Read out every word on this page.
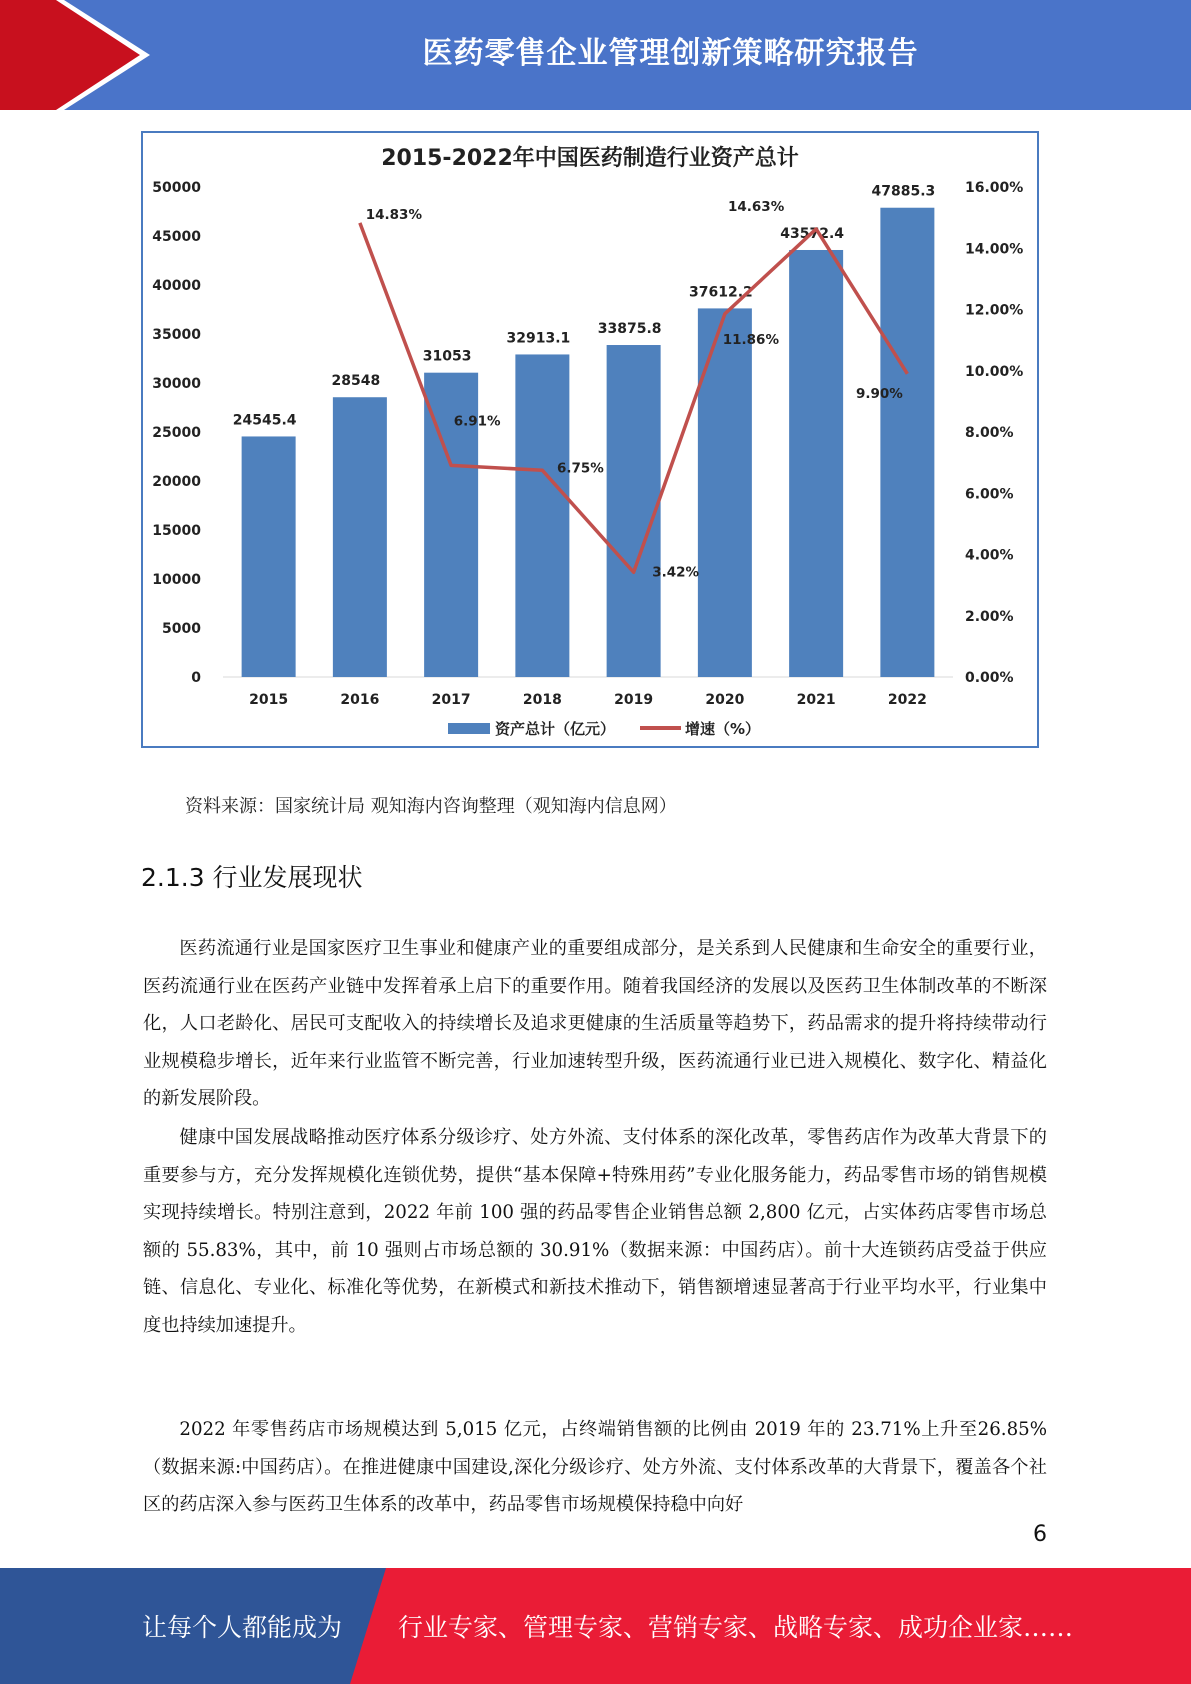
医药零售企业管理创新策略研究报告
2015-2022年中国医药制造行业资产总计
0
5000
10000
15000
20000
25000
30000
35000
40000
45000
50000
0.00%
2.00%
4.00%
6.00%
8.00%
10.00%
12.00%
14.00%
16.00%
24545.4
28548
31053
32913.1
33875.8
37612.2
43572.4
47885.3
2015	2016	2017	2018	2019	2020	2021	2022
14.83%
6.91%
6.75%
3.42%
11.86%
14.63%
9.90%
资产总计（亿元）	增速（%）
资料来源：国家统计局 观知海内咨询整理（观知海内信息网）
2.1.3 行业发展现状

医药流通行业是国家医疗卫生事业和健康产业的重要组成部分，是关系到人民健康和生命安全的重要行业，医药流通行业在医药产业链中发挥着承上启下的重要作用。随着我国经济的发展以及医药卫生体制改革的不断深化，人口老龄化、居民可支配收入的持续增长及追求更健康的生活质量等趋势下，药品需求的提升将持续带动行业规模稳步增长，近年来行业监管不断完善，行业加速转型升级，医药流通行业已进入规模化、数字化、精益化的新发展阶段。

健康中国发展战略推动医疗体系分级诊疗、处方外流、支付体系的深化改革，零售药店作为改革大背景下的重要参与方，充分发挥规模化连锁优势，提供“基本保障+特殊用药”专业化服务能力，药品零售市场的销售规模实现持续增长。特别注意到，2022 年前 100 强的药品零售企业销售总额 2,800 亿元，占实体药店零售市场总额的 55.83%，其中，前 10 强则占市场总额的 30.91%（数据来源：中国药店）。前十大连锁药店受益于供应链、信息化、专业化、标准化等优势，在新模式和新技术推动下，销售额增速显著高于行业平均水平，行业集中度也持续加速提升。

2022 年零售药店市场规模达到 5,015 亿元，占终端销售额的比例由 2019 年的 23.71%上升至26.85%（数据来源:中国药店）。在推进健康中国建设,深化分级诊疗、处方外流、支付体系改革的大背景下，覆盖各个社区的药店深入参与医药卫生体系的改革中，药品零售市场规模保持稳中向好

6
让每个人都能成为 行业专家、管理专家、营销专家、战略专家、成功企业家……
